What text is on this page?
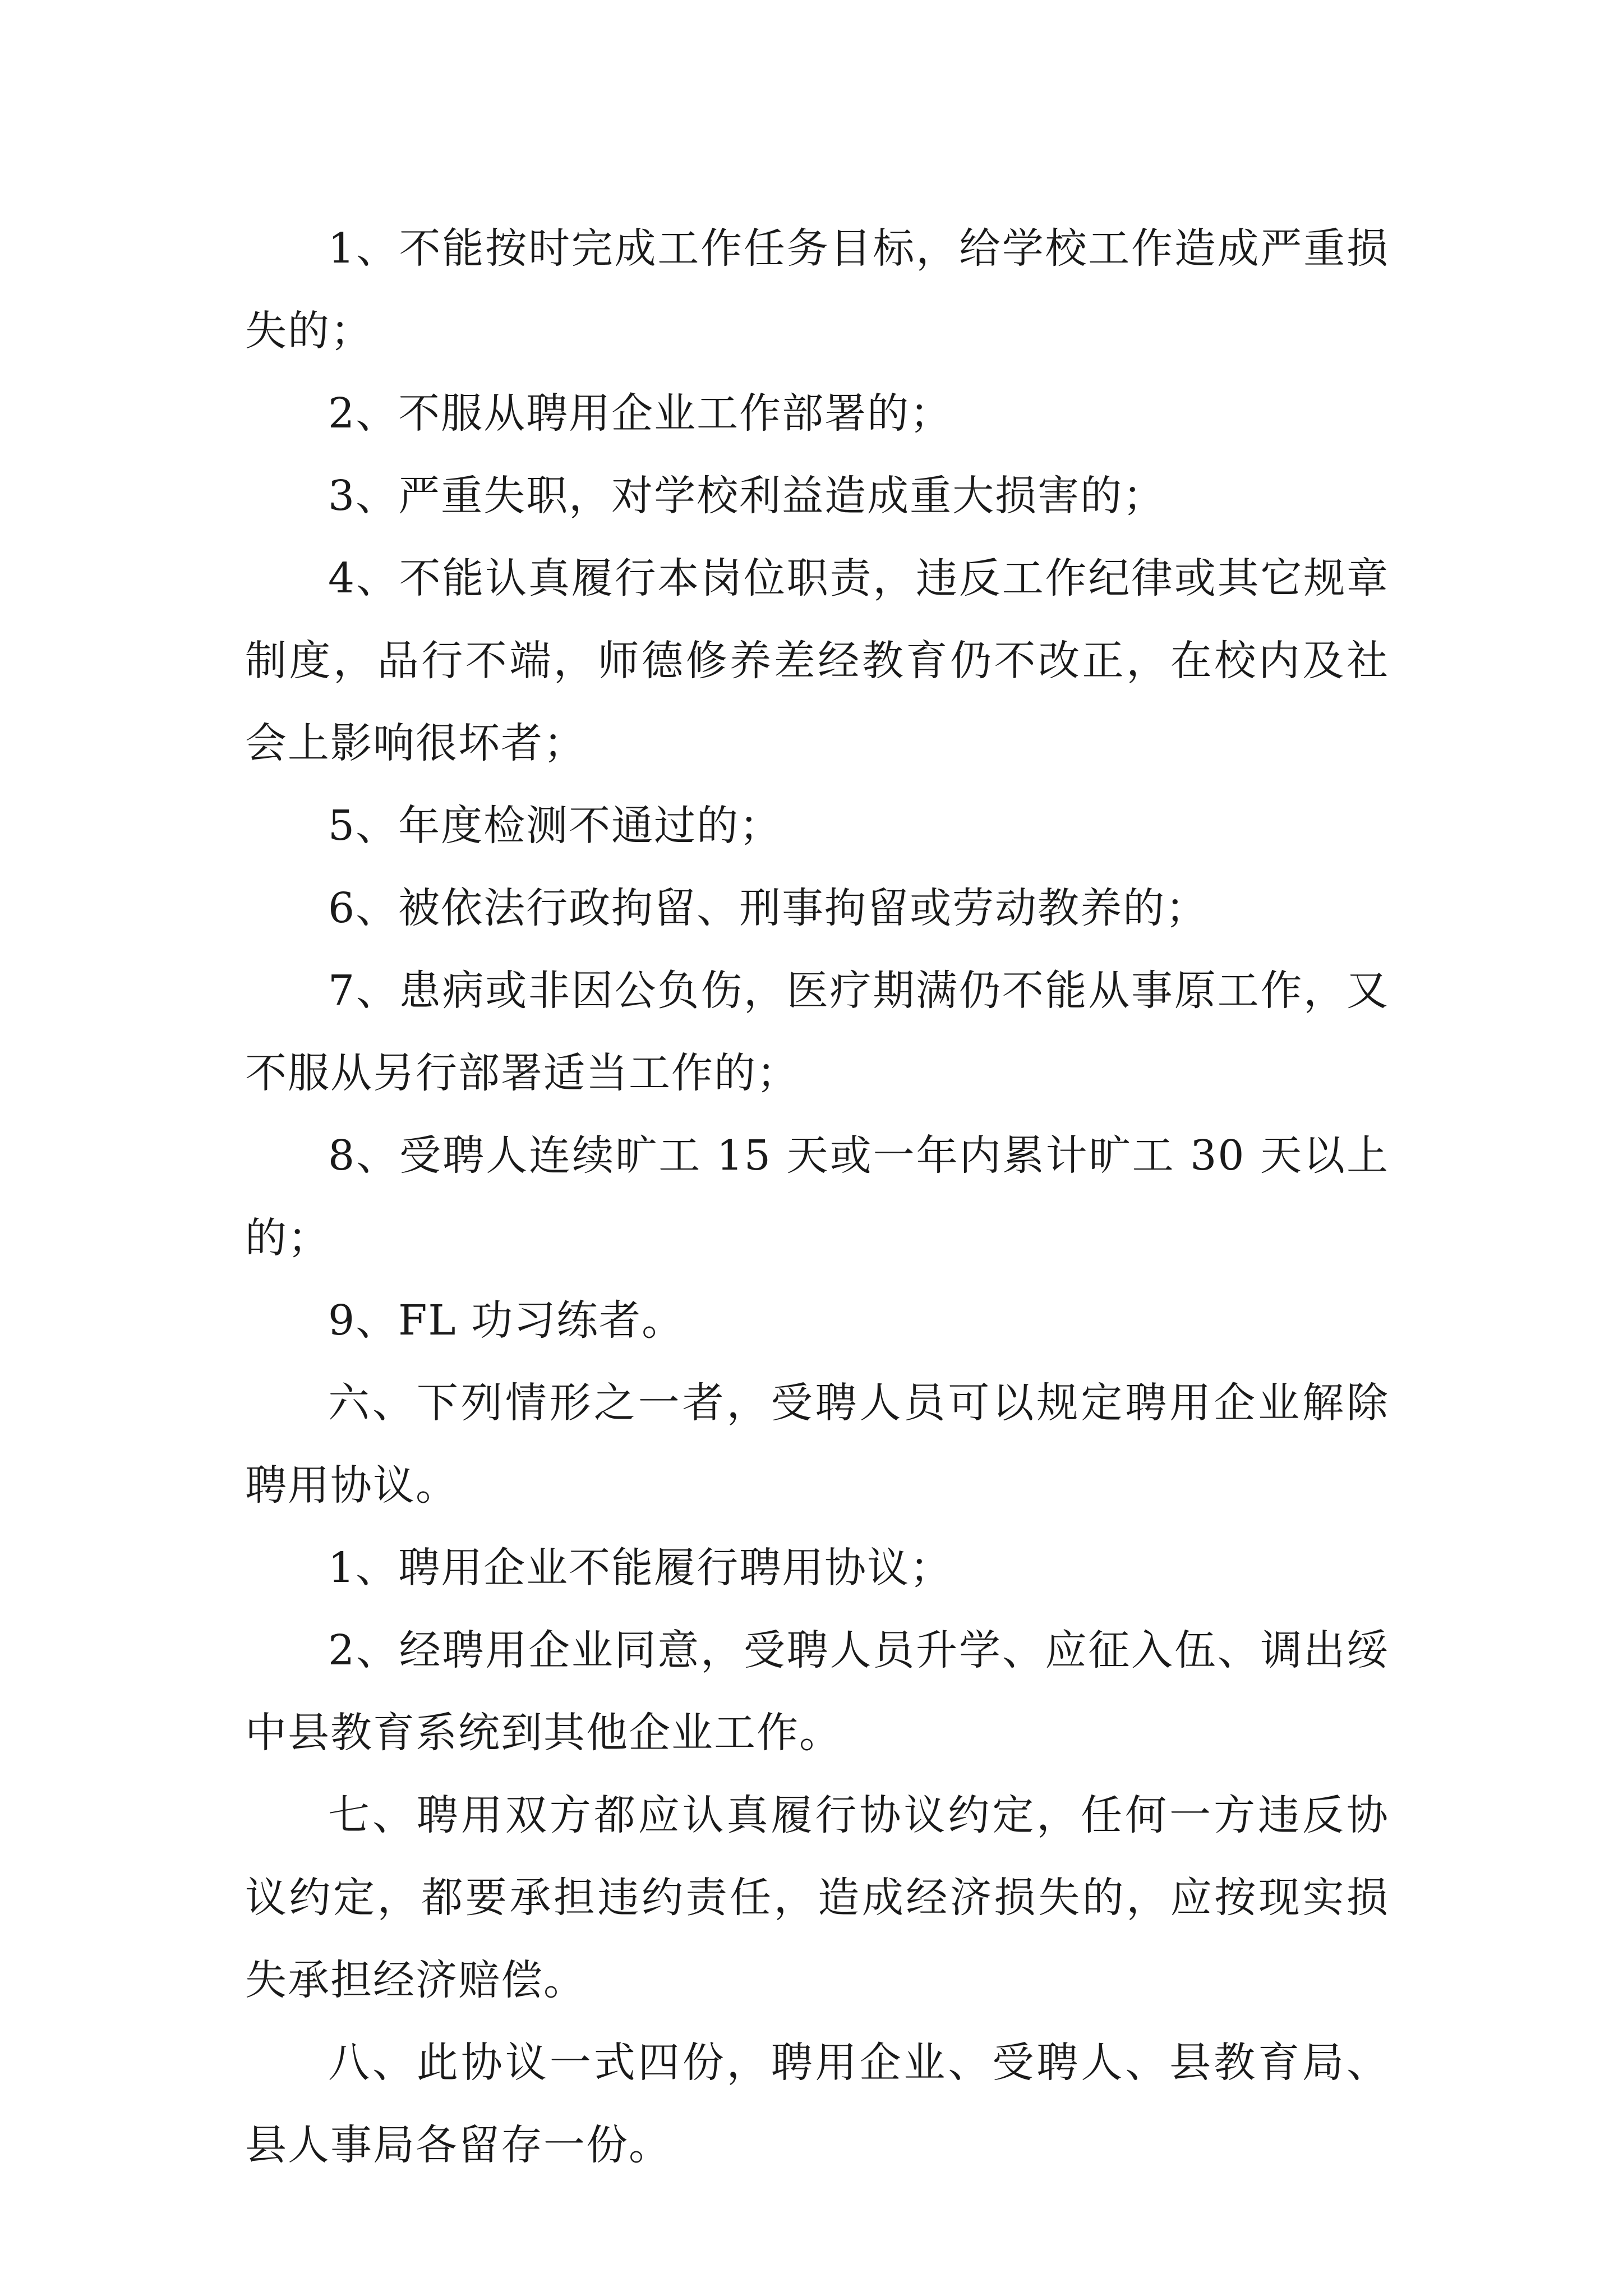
1、不能按时完成工作任务目标，给学校工作造成严重损失的；

2、不服从聘用企业工作部署的；

3、严重失职，对学校利益造成重大损害的；

4、不能认真履行本岗位职责，违反工作纪律或其它规章制度，品行不端，师德修养差经教育仍不改正，在校内及社会上影响很坏者；

5、年度检测不通过的；

6、被依法行政拘留、刑事拘留或劳动教养的；

7、患病或非因公负伤，医疗期满仍不能从事原工作，又不服从另行部署适当工作的；

8、受聘人连续旷工 15 天或一年内累计旷工 30 天以上的；

9、FL 功习练者。

六、下列情形之一者，受聘人员可以规定聘用企业解除聘用协议。

1、聘用企业不能履行聘用协议；

2、经聘用企业同意，受聘人员升学、应征入伍、调出绥中县教育系统到其他企业工作。

七、聘用双方都应认真履行协议约定，任何一方违反协议约定，都要承担违约责任，造成经济损失的，应按现实损失承担经济赔偿。

八、此协议一式四份，聘用企业、受聘人、县教育局、县人事局各留存一份。
